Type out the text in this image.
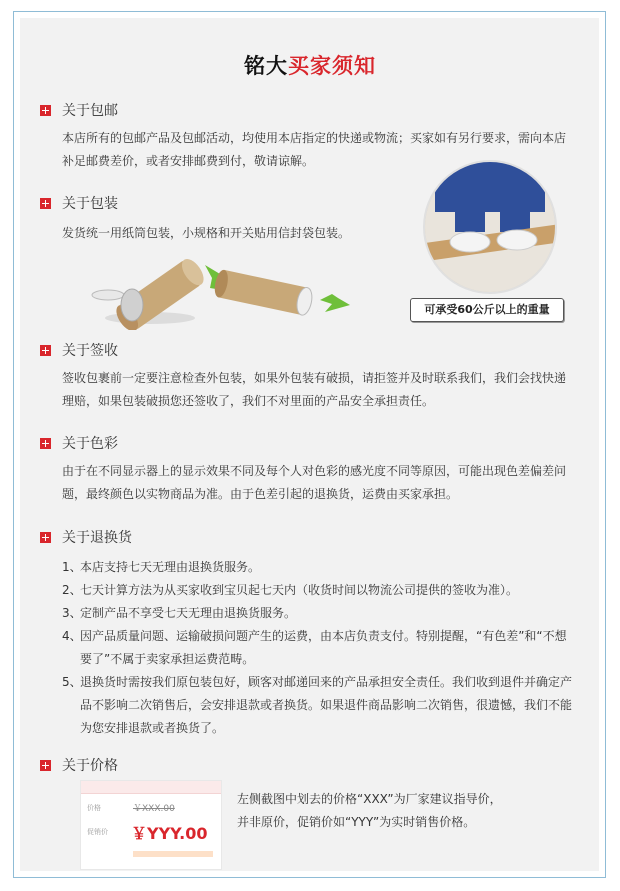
铭大买家须知
关于包邮
本店所有的包邮产品及包邮活动，均使用本店指定的快递或物流；买家如有另行要求，需向本店补足邮费差价，或者安排邮费到付，敬请谅解。
关于包装
发货统一用纸筒包装，小规格和开关贴用信封袋包装。
可承受60公斤以上的重量
关于签收
签收包裹前一定要注意检查外包装，如果外包装有破损，请拒签并及时联系我们，我们会找快递理赔，如果包装破损您还签收了，我们不对里面的产品安全承担责任。
关于色彩
由于在不同显示器上的显示效果不同及每个人对色彩的感光度不同等原因，可能出现色差偏差问题，最终颜色以实物商品为准。由于色差引起的退换货，运费由买家承担。
关于退换货
1、
本店支持七天无理由退换货服务。
2、
七天计算方法为从买家收到宝贝起七天内（收货时间以物流公司提供的签收为准）。
3、
定制产品不享受七天无理由退换货服务。
4、
因产品质量问题、运输破损问题产生的运费，由本店负责支付。特别提醒，“有色差”和“不想要了”不属于卖家承担运费范畴。
5、
退换货时需按我们原包装包好，顾客对邮递回来的产品承担安全责任。我们收到退件并确定产品不影响二次销售后，会安排退款或者换货。如果退件商品影响二次销售，很遗憾，我们不能为您安排退款或者换货了。
关于价格
价格	￥XXX.00
促销价 ￥YYY.00
左侧截图中划去的价格“XXX”为厂家建议指导价，
并非原价，促销价如“YYY”为实时销售价格。
